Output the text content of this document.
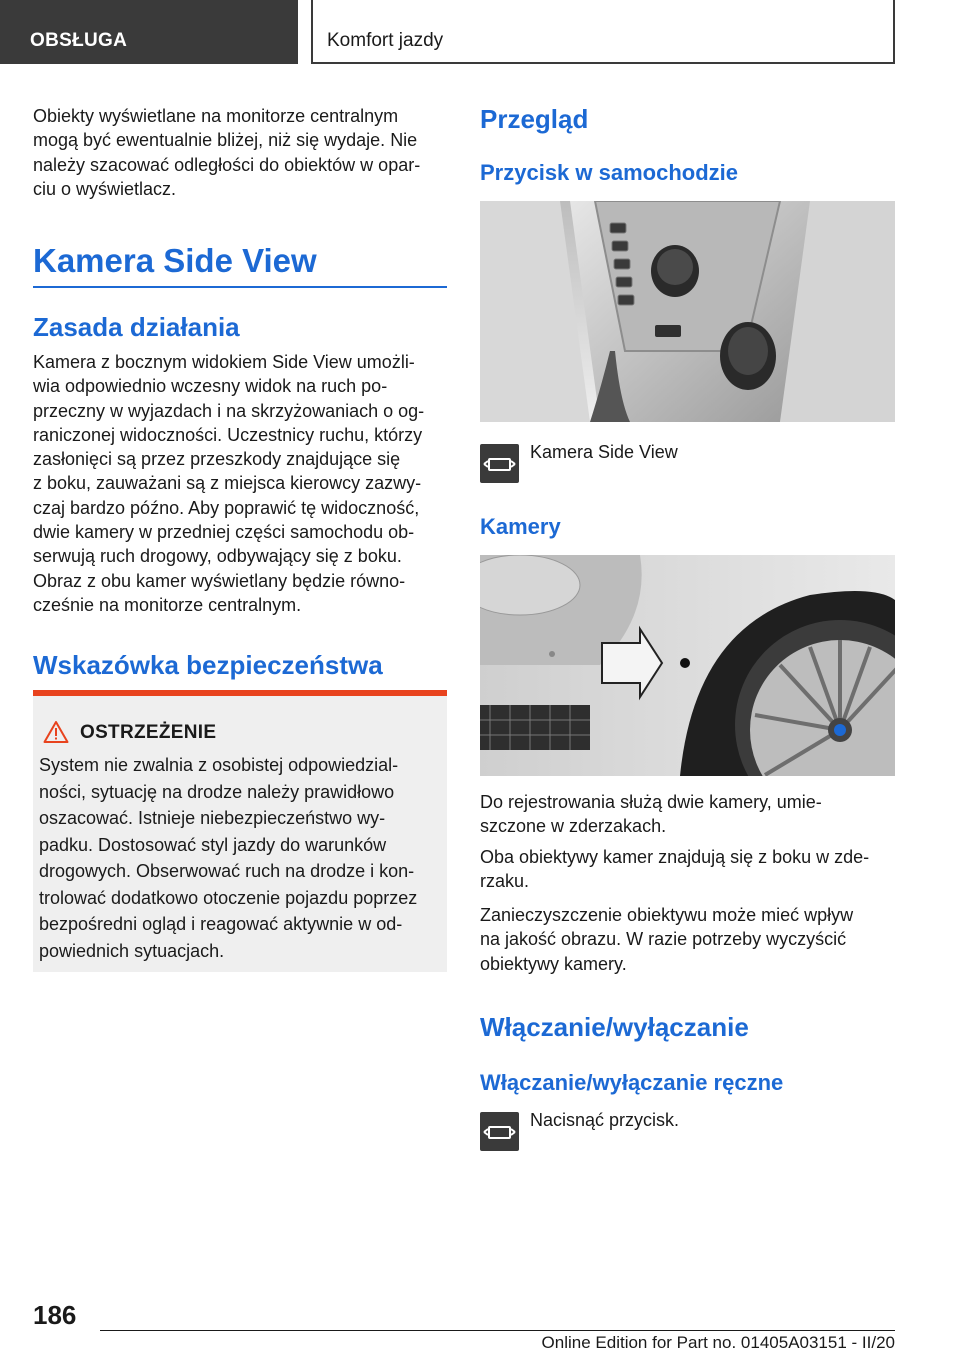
OBSŁUGA	Komfort jazdy

Obiekty wyświetlane na monitorze centralnym

mogą być ewentualnie bliżej, niż się wydaje. Nie

należy szacować odległości do obiektów w opar-

ciu o wyświetlacz.

Kamera Side View
Zasada działania

Kamera z bocznym widokiem Side View umożli-

wia odpowiednio wczesny widok na ruch po-

przeczny w wyjazdach i na skrzyżowaniach o og-

raniczonej widoczności. Uczestnicy ruchu, którzy

zasłonięci są przez przeszkody znajdujące się

z boku, zauważani są z miejsca kierowcy zazwy-

czaj bardzo późno. Aby poprawić tę widoczność,

dwie kamery w przedniej części samochodu ob-

serwują ruch drogowy, odbywający się z boku.

Obraz z obu kamer wyświetlany będzie równo-

cześnie na monitorze centralnym.

Wskazówka bezpieczeństwa
OSTRZEŻENIE
System nie zwalnia z osobistej odpowiedzial-
ności, sytuację na drodze należy prawidłowo
oszacować. Istnieje niebezpieczeństwo wy-
padku. Dostosować styl jazdy do warunków
drogowych. Obserwować ruch na drodze i kon-
trolować dodatkowo otoczenie pojazdu poprzez
bezpośredni ogląd i reagować aktywnie w od-
powiednich sytuacjach.
Przegląd
Przycisk w samochodzie
Kamera Side View
Kamery

Do rejestrowania służą dwie kamery, umie-

szczone w zderzakach.

Oba obiektywy kamer znajdują się z boku w zde-

rzaku.

Zanieczyszczenie obiektywu może mieć wpływ

na jakość obrazu. W razie potrzeby wyczyścić

obiektywy kamery.

Włączanie/wyłączanie
Włączanie/wyłączanie ręczne
Nacisnąć przycisk.
186
Online Edition for Part no. 01405A03151 - II/20
